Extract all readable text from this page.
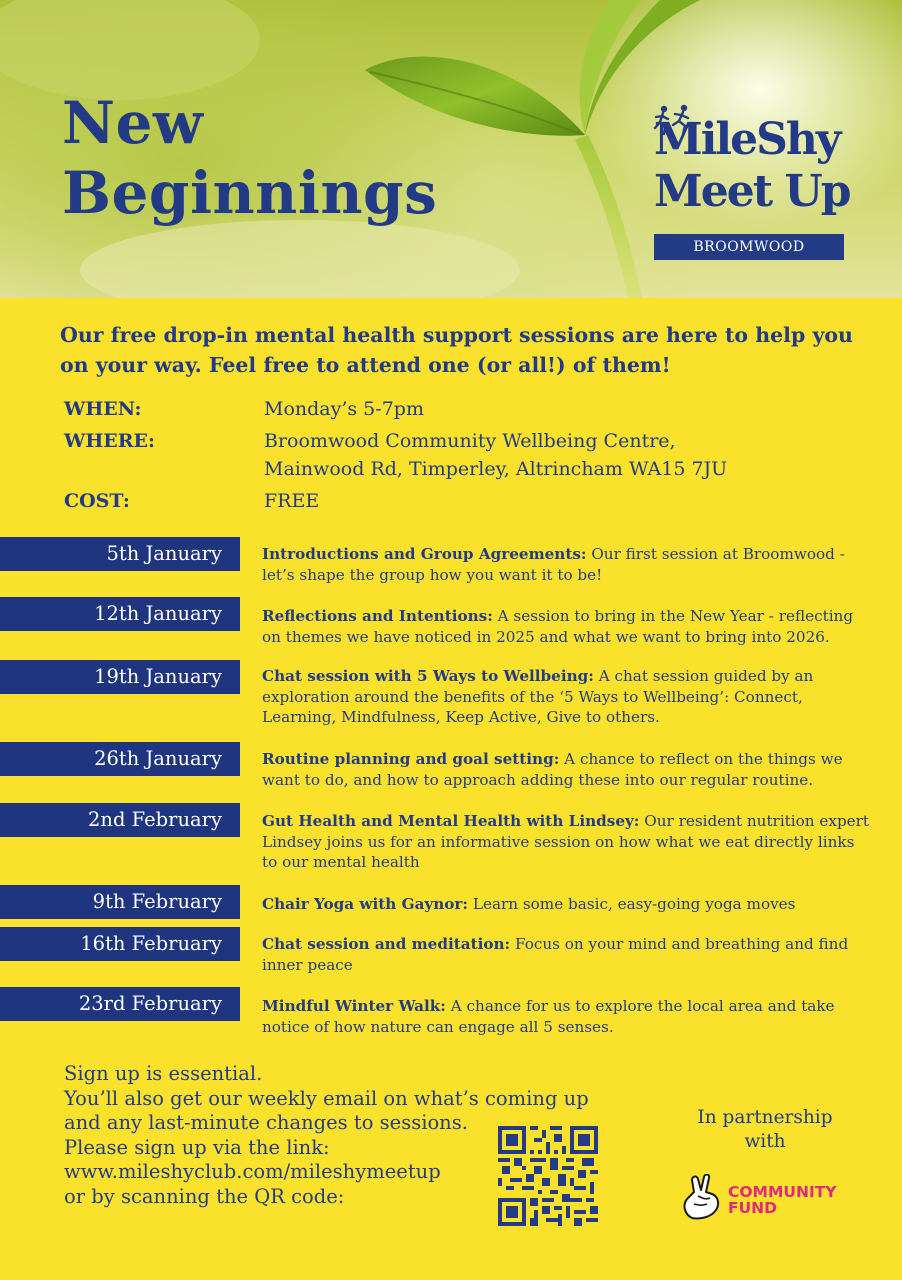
New
Beginnings
MileShy
Meet Up
BROOMWOOD
Our free drop-in mental health support sessions are here to help you on your way. Feel free to attend one (or all!) of them!
WHEN:	Monday’s 5-7pm
WHERE:	Broomwood Community Wellbeing Centre,
Mainwood Rd, Timperley, Altrincham WA15 7JU
COST:	FREE
5th January	Introductions and Group Agreements: Our first session at Broomwood - let’s shape the group how you want it to be!
12th January	Reflections and Intentions: A session to bring in the New Year - reflecting on themes we have noticed in 2025 and what we want to bring into 2026.
19th January	Chat session with 5 Ways to Wellbeing: A chat session guided by an exploration around the benefits of the ‘5 Ways to Wellbeing’: Connect, Learning, Mindfulness, Keep Active, Give to others.
26th January	Routine planning and goal setting: A chance to reflect on the things we want to do, and how to approach adding these into our regular routine.
2nd February	Gut Health and Mental Health with Lindsey: Our resident nutrition expert Lindsey joins us for an informative session on how what we eat directly links to our mental health
9th February	Chair Yoga with Gaynor: Learn some basic, easy-going yoga moves
16th February	Chat session and meditation: Focus on your mind and breathing and find inner peace
23rd February	Mindful Winter Walk: A chance for us to explore the local area and take notice of how nature can engage all 5 senses.
Sign up is essential.
You’ll also get our weekly email on what’s coming up
and any last-minute changes to sessions.
Please sign up via the link:
www.mileshyclub.com/mileshymeetup
or by scanning the QR code:
In partnership
with
COMMUNITY
FUND
